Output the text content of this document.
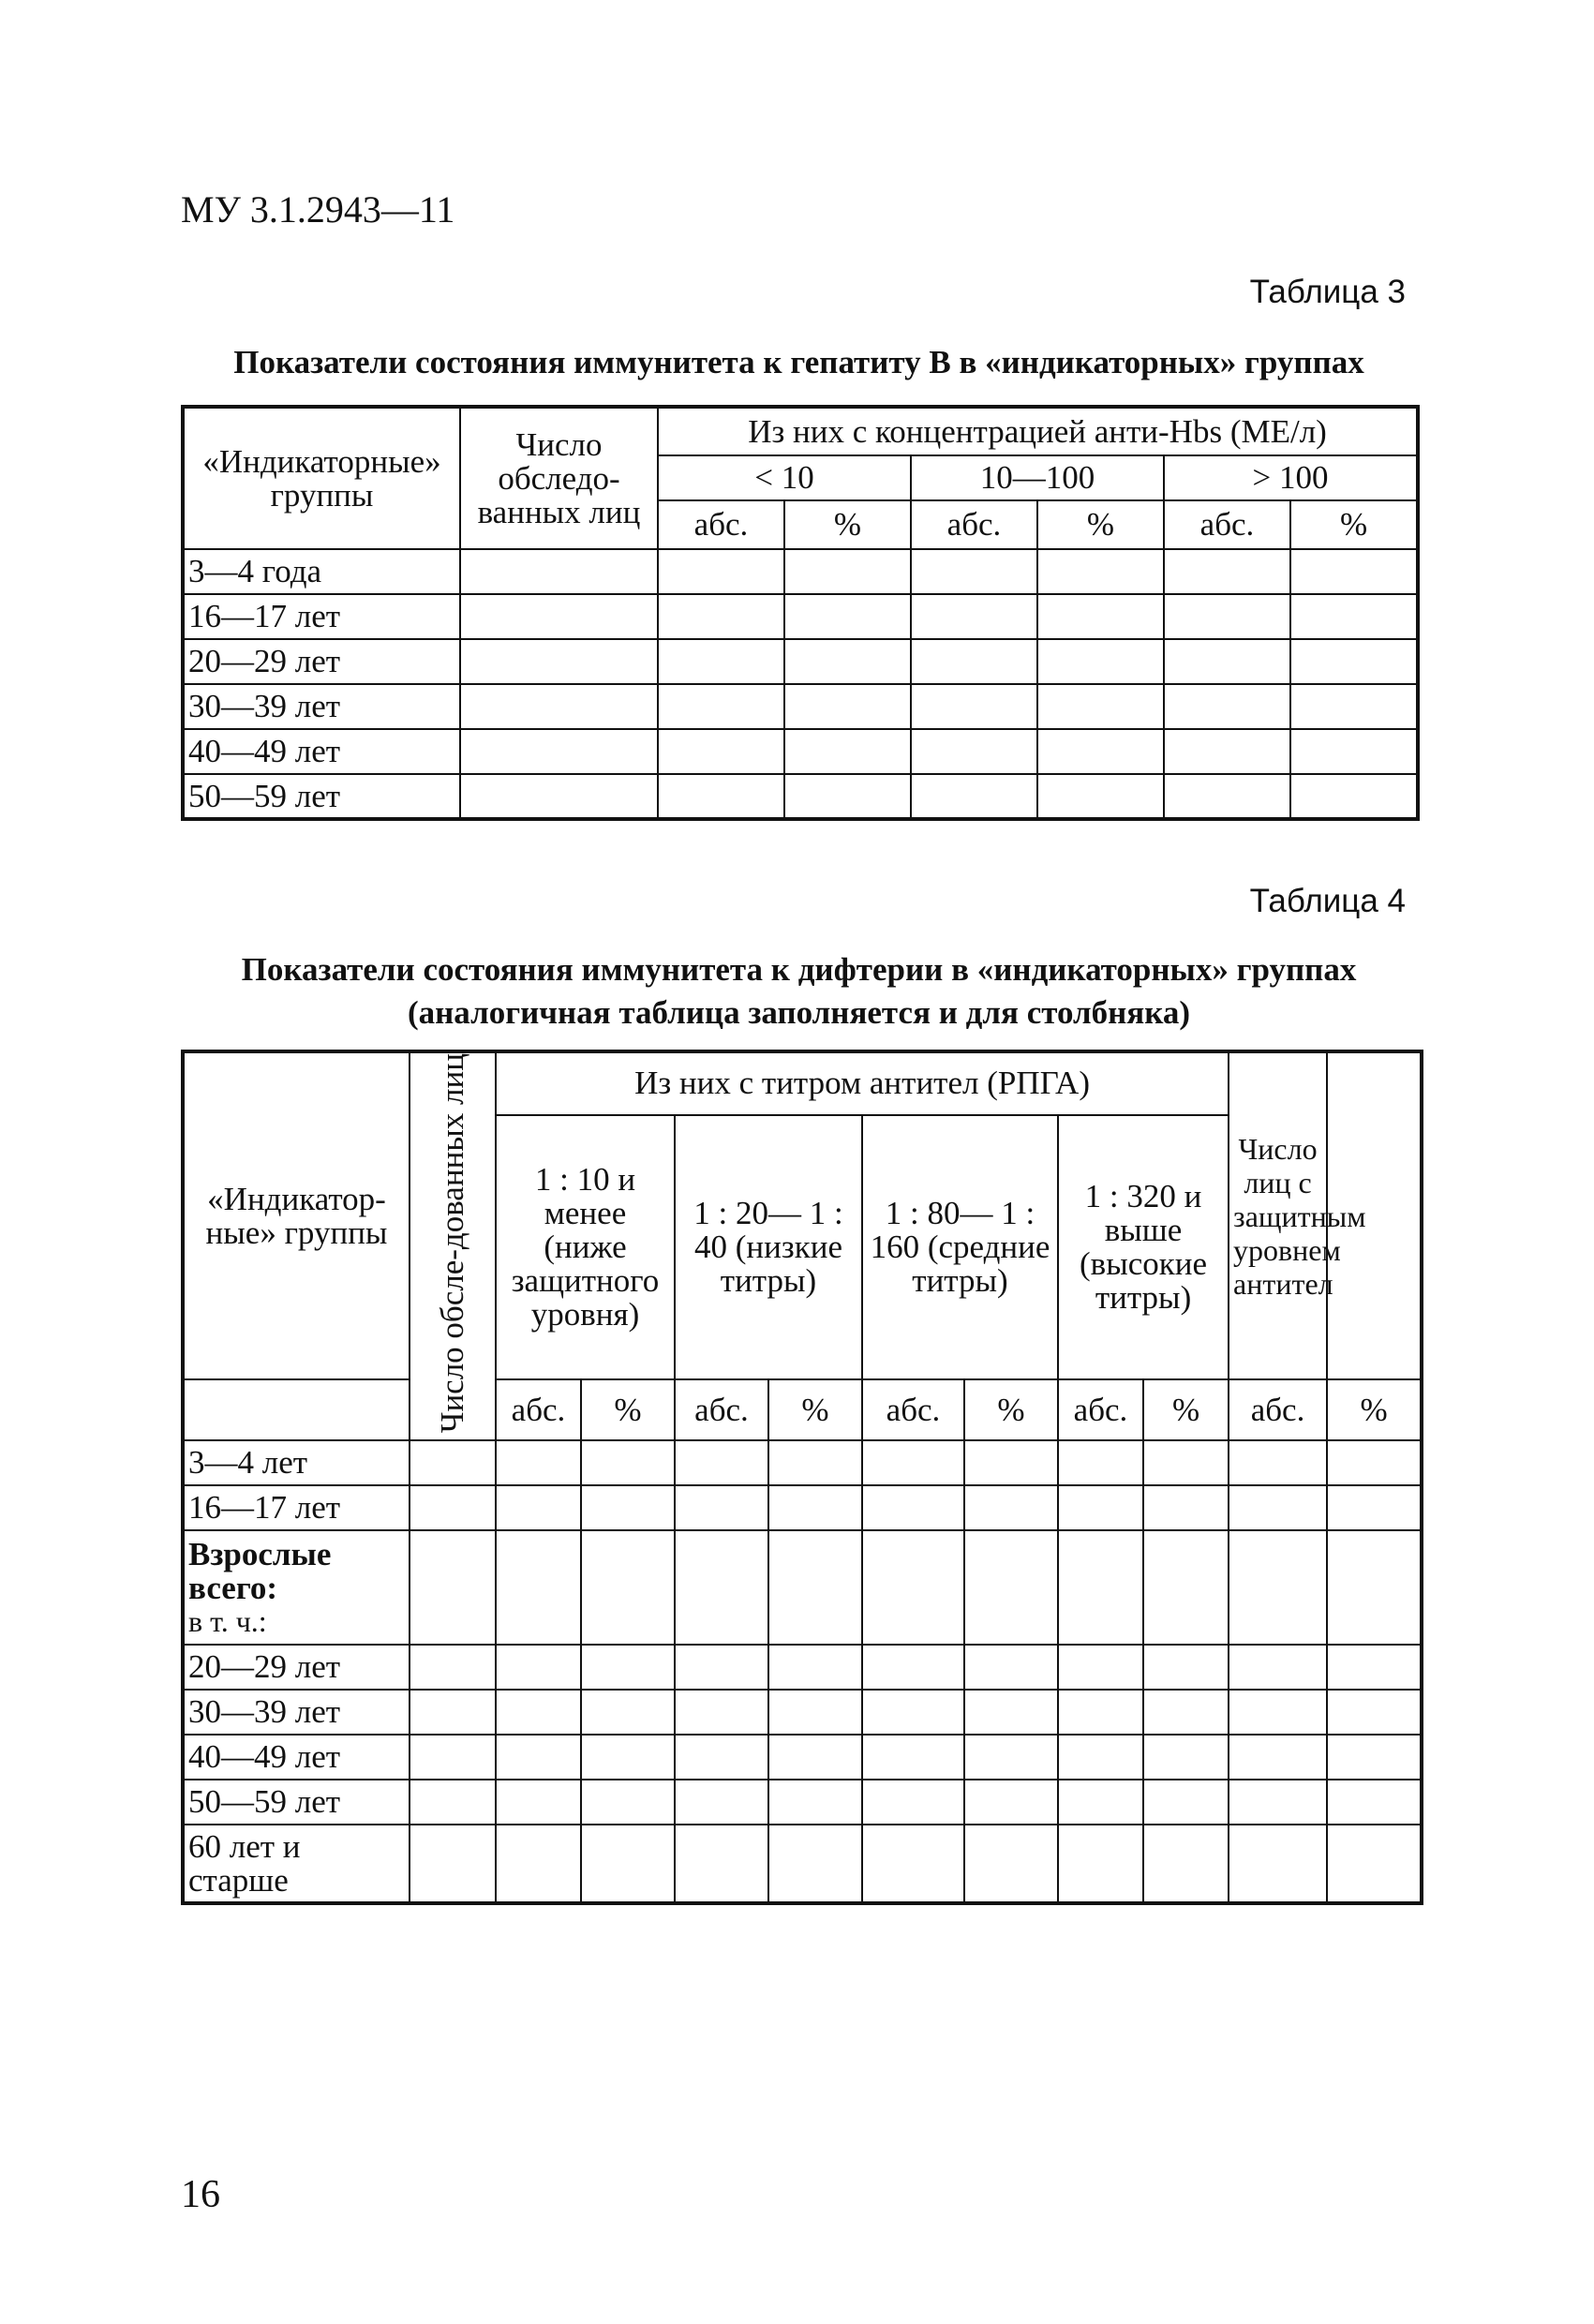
МУ 3.1.2943—11
Таблица 3
Показатели состояния иммунитета к гепатиту В в «индикаторных» группах
«Индикаторные» группы	Число обследо-ванных лиц	Из них с концентрацией анти-Hbs (МЕ/л)					
		< 10		10—100		> 100	
		абс.	%	абс.	%	абс.	%
3—4 года							
16—17 лет							
20—29 лет							
30—39 лет							
40—49 лет							
50—59 лет							
Таблица 4
Показатели состояния иммунитета к дифтерии в «индикаторных» группах
(аналогичная таблица заполняется и для столбняка)
«Индикатор-ные» группы	Число обсле-дованных лиц	Из них с титром антител (РПГА)								Число лиц с защитным уровнем антител	
		1 : 10 и менее (ниже защитного уровня)		1 : 20— 1 : 40 (низкие титры)		1 : 80— 1 : 160 (средние титры)		1 : 320 и выше (высокие титры)			
		абс.	%	абс.	%	абс.	%	абс.	%	абс.	%
3—4 лет											
16—17 лет											

Взрослые всего:
в т. ч.:											

20—29 лет											
30—39 лет											
40—49 лет											
50—59 лет											
60 лет и старше											
16
